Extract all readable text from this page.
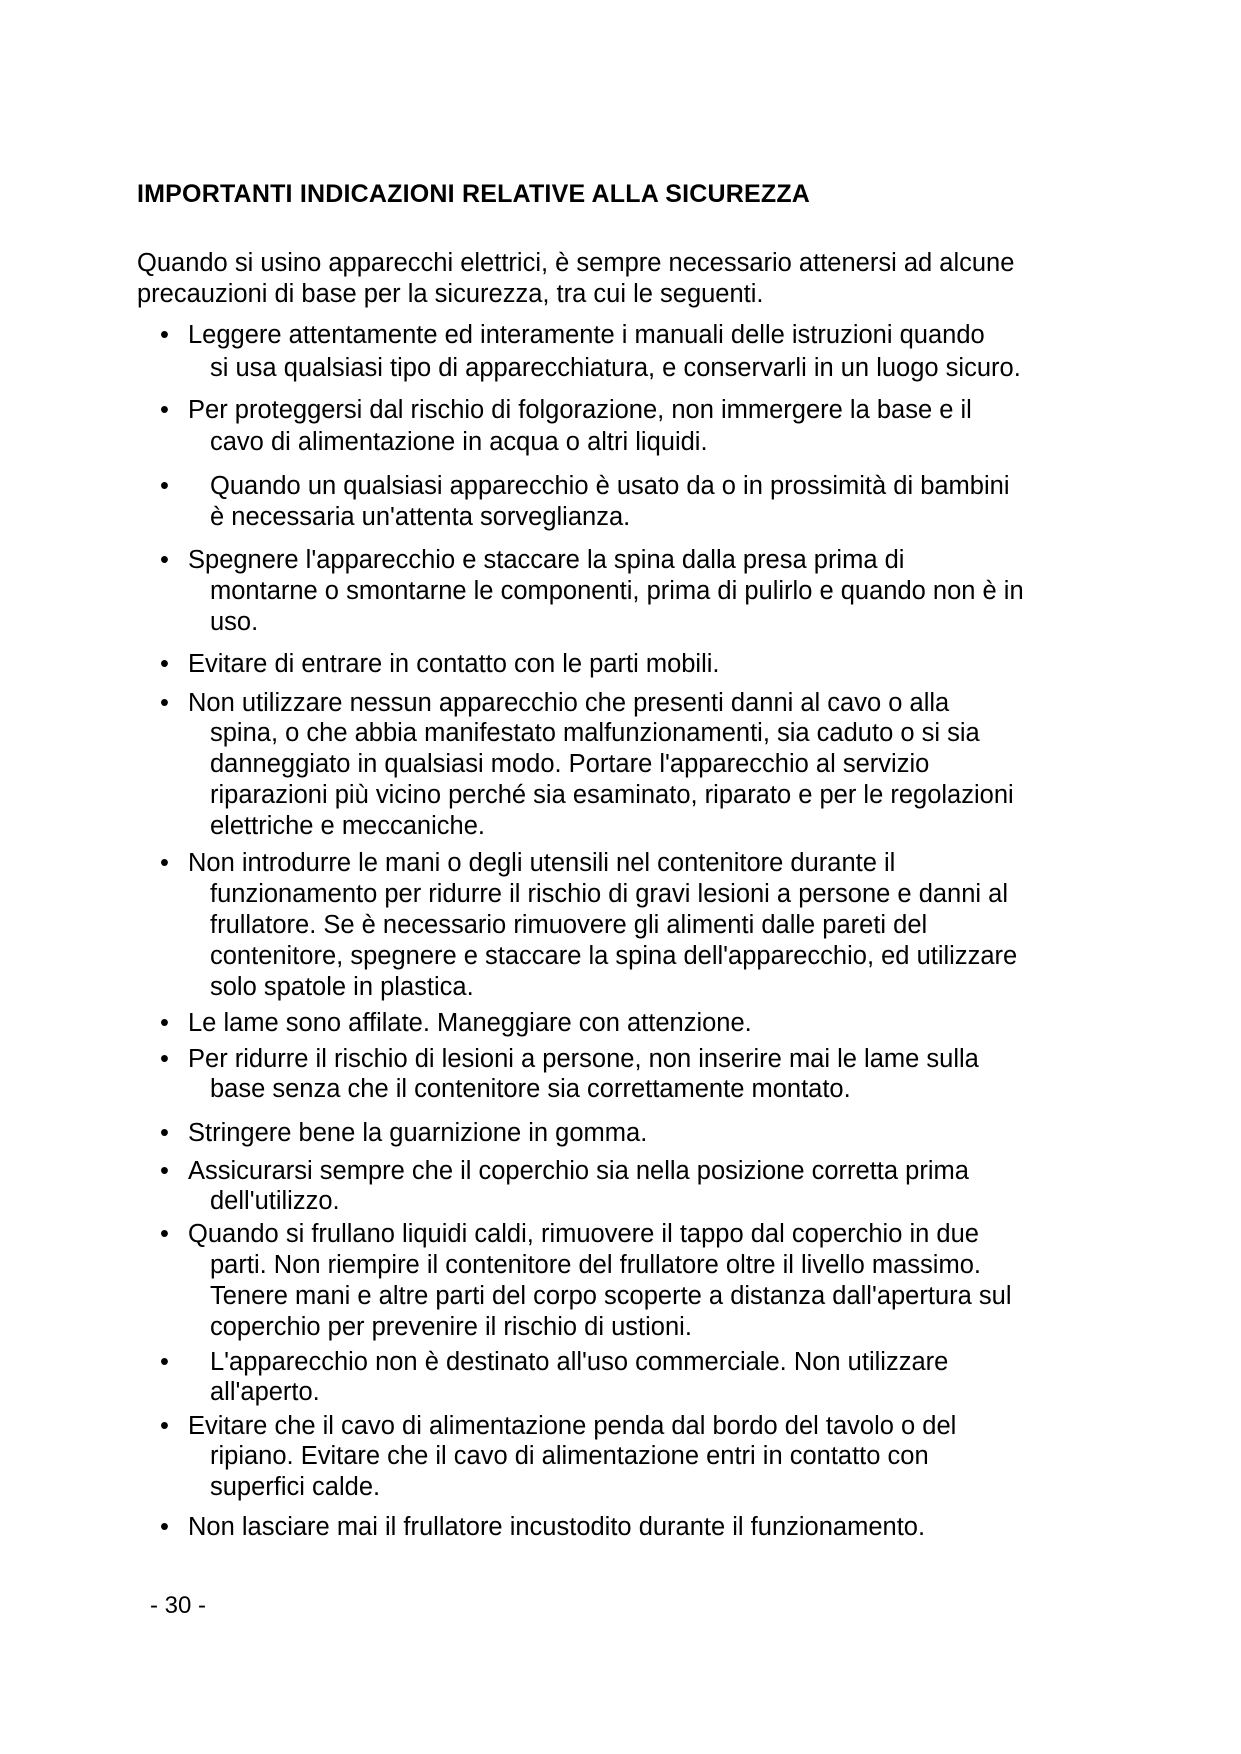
IMPORTANTI INDICAZIONI RELATIVE ALLA SICUREZZA
Quando si usino apparecchi elettrici, è sempre necessario attenersi ad alcune precauzioni di base per la sicurezza, tra cui le seguenti.
• Leggere attentamente ed interamente i manuali delle istruzioni quando
si usa qualsiasi tipo di apparecchiatura, e conservarli in un luogo sicuro.
• Per proteggersi dal rischio di folgorazione, non immergere la base e il
cavo di alimentazione in acqua o altri liquidi.
• Quando un qualsiasi apparecchio è usato da o in prossimità di bambini
è necessaria un'attenta sorveglianza.
• Spegnere l'apparecchio e staccare la spina dalla presa prima di
montarne o smontarne le componenti, prima di pulirlo e quando non è in
uso.
• Evitare di entrare in contatto con le parti mobili.
• Non utilizzare nessun apparecchio che presenti danni al cavo o alla
spina, o che abbia manifestato malfunzionamenti, sia caduto o si sia
danneggiato in qualsiasi modo. Portare l'apparecchio al servizio
riparazioni più vicino perché sia esaminato, riparato e per le regolazioni
elettriche e meccaniche.
• Non introdurre le mani o degli utensili nel contenitore durante il
funzionamento per ridurre il rischio di gravi lesioni a persone e danni al
frullatore. Se è necessario rimuovere gli alimenti dalle pareti del
contenitore, spegnere e staccare la spina dell'apparecchio, ed utilizzare
solo spatole in plastica.
• Le lame sono affilate. Maneggiare con attenzione.
• Per ridurre il rischio di lesioni a persone, non inserire mai le lame sulla
base senza che il contenitore sia correttamente montato.
• Stringere bene la guarnizione in gomma.
• Assicurarsi sempre che il coperchio sia nella posizione corretta prima
dell'utilizzo.
• Quando si frullano liquidi caldi, rimuovere il tappo dal coperchio in due
parti. Non riempire il contenitore del frullatore oltre il livello massimo.
Tenere mani e altre parti del corpo scoperte a distanza dall'apertura sul
coperchio per prevenire il rischio di ustioni.
• L'apparecchio non è destinato all'uso commerciale. Non utilizzare
all'aperto.
• Evitare che il cavo di alimentazione penda dal bordo del tavolo o del
ripiano. Evitare che il cavo di alimentazione entri in contatto con
superfici calde.
• Non lasciare mai il frullatore incustodito durante il funzionamento.
- 30 -
